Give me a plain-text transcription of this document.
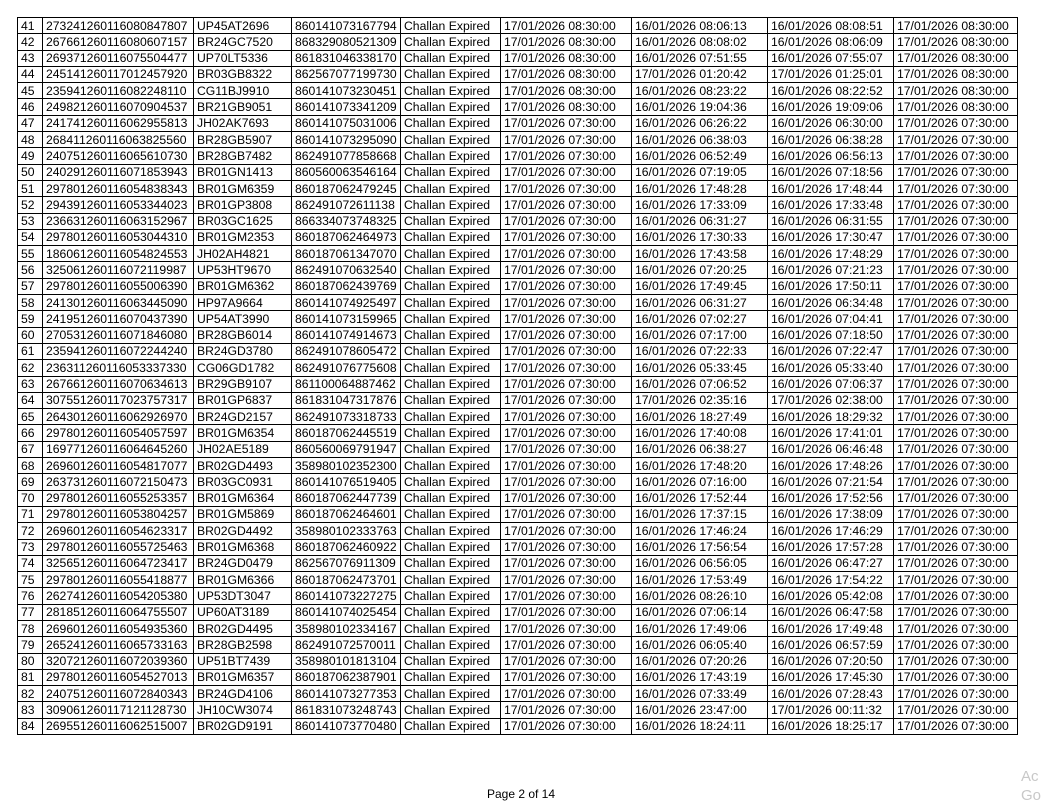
41	273241260116080847807	UP45AT2696	860141073167794	Challan Expired	17/01/2026 08:30:00	16/01/2026 08:06:13	16/01/2026 08:08:51	17/01/2026 08:30:00
42	267661260116080607157	BR24GC7520	868329080521309	Challan Expired	17/01/2026 08:30:00	16/01/2026 08:08:02	16/01/2026 08:06:09	17/01/2026 08:30:00
43	269371260116075504477	UP70LT5336	861831046338170	Challan Expired	17/01/2026 08:30:00	16/01/2026 07:51:55	16/01/2026 07:55:07	17/01/2026 08:30:00
44	245141260117012457920	BR03GB8322	862567077199730	Challan Expired	17/01/2026 08:30:00	17/01/2026 01:20:42	17/01/2026 01:25:01	17/01/2026 08:30:00
45	235941260116082248110	CG11BJ9910	860141073230451	Challan Expired	17/01/2026 08:30:00	16/01/2026 08:23:22	16/01/2026 08:22:52	17/01/2026 08:30:00
46	249821260116070904537	BR21GB9051	860141073341209	Challan Expired	17/01/2026 08:30:00	16/01/2026 19:04:36	16/01/2026 19:09:06	17/01/2026 08:30:00
47	241741260116062955813	JH02AK7693	860141075031006	Challan Expired	17/01/2026 07:30:00	16/01/2026 06:26:22	16/01/2026 06:30:00	17/01/2026 07:30:00
48	268411260116063825560	BR28GB5907	860141073295090	Challan Expired	17/01/2026 07:30:00	16/01/2026 06:38:03	16/01/2026 06:38:28	17/01/2026 07:30:00
49	240751260116065610730	BR28GB7482	862491077858668	Challan Expired	17/01/2026 07:30:00	16/01/2026 06:52:49	16/01/2026 06:56:13	17/01/2026 07:30:00
50	240291260116071853943	BR01GN1413	860560063546164	Challan Expired	17/01/2026 07:30:00	16/01/2026 07:19:05	16/01/2026 07:18:56	17/01/2026 07:30:00
51	297801260116054838343	BR01GM6359	860187062479245	Challan Expired	17/01/2026 07:30:00	16/01/2026 17:48:28	16/01/2026 17:48:44	17/01/2026 07:30:00
52	294391260116053344023	BR01GP3808	862491072611138	Challan Expired	17/01/2026 07:30:00	16/01/2026 17:33:09	16/01/2026 17:33:48	17/01/2026 07:30:00
53	236631260116063152967	BR03GC1625	866334073748325	Challan Expired	17/01/2026 07:30:00	16/01/2026 06:31:27	16/01/2026 06:31:55	17/01/2026 07:30:00
54	297801260116053044310	BR01GM2353	860187062464973	Challan Expired	17/01/2026 07:30:00	16/01/2026 17:30:33	16/01/2026 17:30:47	17/01/2026 07:30:00
55	186061260116054824553	JH02AH4821	860187061347070	Challan Expired	17/01/2026 07:30:00	16/01/2026 17:43:58	16/01/2026 17:48:29	17/01/2026 07:30:00
56	325061260116072119987	UP53HT9670	862491070632540	Challan Expired	17/01/2026 07:30:00	16/01/2026 07:20:25	16/01/2026 07:21:23	17/01/2026 07:30:00
57	297801260116055006390	BR01GM6362	860187062439769	Challan Expired	17/01/2026 07:30:00	16/01/2026 17:49:45	16/01/2026 17:50:11	17/01/2026 07:30:00
58	241301260116063445090	HP97A9664	860141074925497	Challan Expired	17/01/2026 07:30:00	16/01/2026 06:31:27	16/01/2026 06:34:48	17/01/2026 07:30:00
59	241951260116070437390	UP54AT3990	860141073159965	Challan Expired	17/01/2026 07:30:00	16/01/2026 07:02:27	16/01/2026 07:04:41	17/01/2026 07:30:00
60	270531260116071846080	BR28GB6014	860141074914673	Challan Expired	17/01/2026 07:30:00	16/01/2026 07:17:00	16/01/2026 07:18:50	17/01/2026 07:30:00
61	235941260116072244240	BR24GD3780	862491078605472	Challan Expired	17/01/2026 07:30:00	16/01/2026 07:22:33	16/01/2026 07:22:47	17/01/2026 07:30:00
62	236311260116053337330	CG06GD1782	862491076775608	Challan Expired	17/01/2026 07:30:00	16/01/2026 05:33:45	16/01/2026 05:33:40	17/01/2026 07:30:00
63	267661260116070634613	BR29GB9107	861100064887462	Challan Expired	17/01/2026 07:30:00	16/01/2026 07:06:52	16/01/2026 07:06:37	17/01/2026 07:30:00
64	307551260117023757317	BR01GP6837	861831047317876	Challan Expired	17/01/2026 07:30:00	17/01/2026 02:35:16	17/01/2026 02:38:00	17/01/2026 07:30:00
65	264301260116062926970	BR24GD2157	862491073318733	Challan Expired	17/01/2026 07:30:00	16/01/2026 18:27:49	16/01/2026 18:29:32	17/01/2026 07:30:00
66	297801260116054057597	BR01GM6354	860187062445519	Challan Expired	17/01/2026 07:30:00	16/01/2026 17:40:08	16/01/2026 17:41:01	17/01/2026 07:30:00
67	169771260116064645260	JH02AE5189	860560069791947	Challan Expired	17/01/2026 07:30:00	16/01/2026 06:38:27	16/01/2026 06:46:48	17/01/2026 07:30:00
68	269601260116054817077	BR02GD4493	358980102352300	Challan Expired	17/01/2026 07:30:00	16/01/2026 17:48:20	16/01/2026 17:48:26	17/01/2026 07:30:00
69	263731260116072150473	BR03GC0931	860141076519405	Challan Expired	17/01/2026 07:30:00	16/01/2026 07:16:00	16/01/2026 07:21:54	17/01/2026 07:30:00
70	297801260116055253357	BR01GM6364	860187062447739	Challan Expired	17/01/2026 07:30:00	16/01/2026 17:52:44	16/01/2026 17:52:56	17/01/2026 07:30:00
71	297801260116053804257	BR01GM5869	860187062464601	Challan Expired	17/01/2026 07:30:00	16/01/2026 17:37:15	16/01/2026 17:38:09	17/01/2026 07:30:00
72	269601260116054623317	BR02GD4492	358980102333763	Challan Expired	17/01/2026 07:30:00	16/01/2026 17:46:24	16/01/2026 17:46:29	17/01/2026 07:30:00
73	297801260116055725463	BR01GM6368	860187062460922	Challan Expired	17/01/2026 07:30:00	16/01/2026 17:56:54	16/01/2026 17:57:28	17/01/2026 07:30:00
74	325651260116064723417	BR24GD0479	862567076911309	Challan Expired	17/01/2026 07:30:00	16/01/2026 06:56:05	16/01/2026 06:47:27	17/01/2026 07:30:00
75	297801260116055418877	BR01GM6366	860187062473701	Challan Expired	17/01/2026 07:30:00	16/01/2026 17:53:49	16/01/2026 17:54:22	17/01/2026 07:30:00
76	262741260116054205380	UP53DT3047	860141073227275	Challan Expired	17/01/2026 07:30:00	16/01/2026 08:26:10	16/01/2026 05:42:08	17/01/2026 07:30:00
77	281851260116064755507	UP60AT3189	860141074025454	Challan Expired	17/01/2026 07:30:00	16/01/2026 07:06:14	16/01/2026 06:47:58	17/01/2026 07:30:00
78	269601260116054935360	BR02GD4495	358980102334167	Challan Expired	17/01/2026 07:30:00	16/01/2026 17:49:06	16/01/2026 17:49:48	17/01/2026 07:30:00
79	265241260116065733163	BR28GB2598	862491072570011	Challan Expired	17/01/2026 07:30:00	16/01/2026 06:05:40	16/01/2026 06:57:59	17/01/2026 07:30:00
80	320721260116072039360	UP51BT7439	358980101813104	Challan Expired	17/01/2026 07:30:00	16/01/2026 07:20:26	16/01/2026 07:20:50	17/01/2026 07:30:00
81	297801260116054527013	BR01GM6357	860187062387901	Challan Expired	17/01/2026 07:30:00	16/01/2026 17:43:19	16/01/2026 17:45:30	17/01/2026 07:30:00
82	240751260116072840343	BR24GD4106	860141073277353	Challan Expired	17/01/2026 07:30:00	16/01/2026 07:33:49	16/01/2026 07:28:43	17/01/2026 07:30:00
83	309061260117121128730	JH10CW3074	861831073248743	Challan Expired	17/01/2026 07:30:00	16/01/2026 23:47:00	17/01/2026 00:11:32	17/01/2026 07:30:00
84	269551260116062515007	BR02GD9191	860141073770480	Challan Expired	17/01/2026 07:30:00	16/01/2026 18:24:11	16/01/2026 18:25:17	17/01/2026 07:30:00
Page 2 of 14
Ac
Go
